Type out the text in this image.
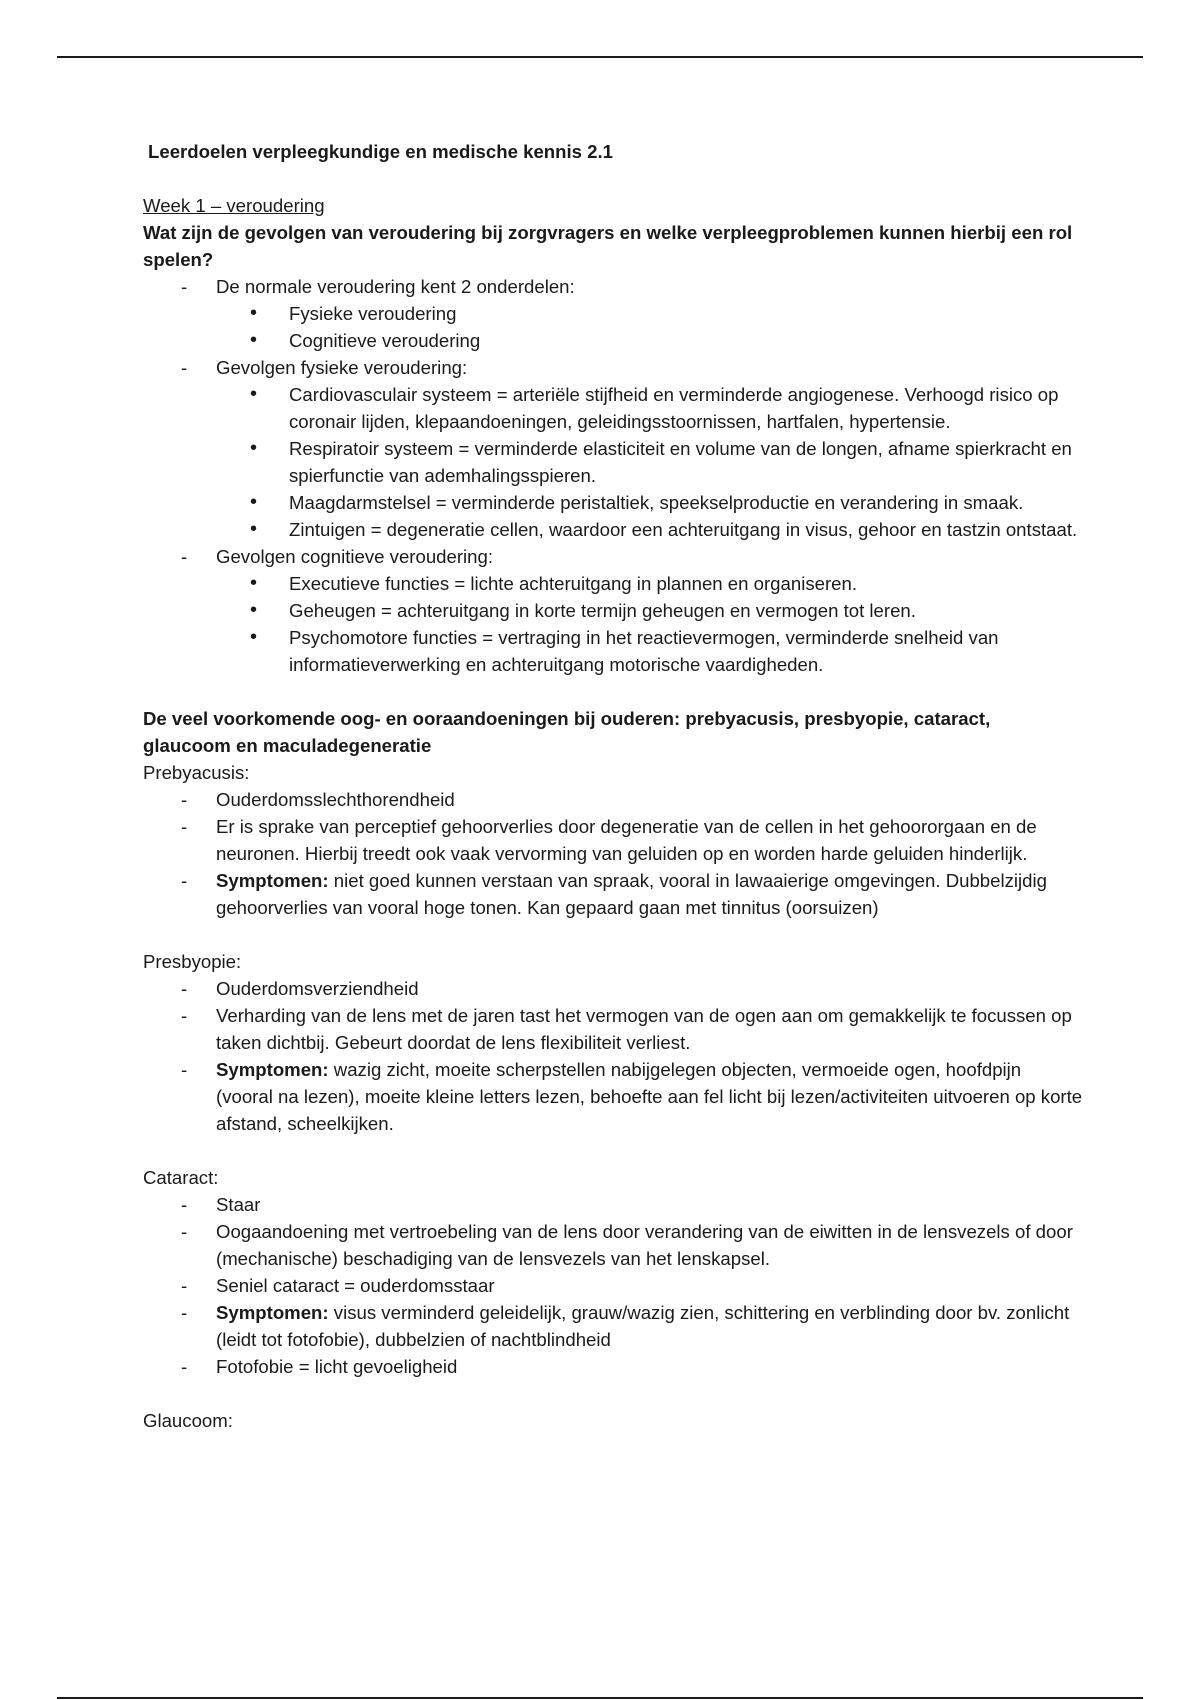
Leerdoelen verpleegkundige en medische kennis 2.1

Week 1 – veroudering

Wat zijn de gevolgen van veroudering bij zorgvragers en welke verpleegproblemen kunnen hierbij een rol spelen?

- De normale veroudering kent 2 onderdelen:
• Fysieke veroudering
• Cognitieve veroudering
- Gevolgen fysieke veroudering:
• Cardiovasculair systeem = arteriële stijfheid en verminderde angiogenese. Verhoogd risico op coronair lijden, klepaandoeningen, geleidingsstoornissen, hartfalen, hypertensie.
• Respiratoir systeem = verminderde elasticiteit en volume van de longen, afname spierkracht en spierfunctie van ademhalingsspieren.
• Maagdarmstelsel = verminderde peristaltiek, speekselproductie en verandering in smaak.
• Zintuigen = degeneratie cellen, waardoor een achteruitgang in visus, gehoor en tastzin ontstaat.
- Gevolgen cognitieve veroudering:
• Executieve functies = lichte achteruitgang in plannen en organiseren.
• Geheugen = achteruitgang in korte termijn geheugen en vermogen tot leren.
• Psychomotore functies = vertraging in het reactievermogen, verminderde snelheid van informatieverwerking en achteruitgang motorische vaardigheden.

De veel voorkomende oog- en ooraandoeningen bij ouderen: prebyacusis, presbyopie, cataract, glaucoom en maculadegeneratie

Prebyacusis:

- Ouderdomsslechthorendheid
- Er is sprake van perceptief gehoorverlies door degeneratie van de cellen in het gehoororgaan en de neuronen. Hierbij treedt ook vaak vervorming van geluiden op en worden harde geluiden hinderlijk.
- Symptomen: niet goed kunnen verstaan van spraak, vooral in lawaaierige omgevingen. Dubbelzijdig gehoorverlies van vooral hoge tonen. Kan gepaard gaan met tinnitus (oorsuizen)

Presbyopie:

- Ouderdomsverziendheid
- Verharding van de lens met de jaren tast het vermogen van de ogen aan om gemakkelijk te focussen op taken dichtbij. Gebeurt doordat de lens flexibiliteit verliest.
- Symptomen: wazig zicht, moeite scherpstellen nabijgelegen objecten, vermoeide ogen, hoofdpijn (vooral na lezen), moeite kleine letters lezen, behoefte aan fel licht bij lezen/activiteiten uitvoeren op korte afstand, scheelkijken.

Cataract:

- Staar
- Oogaandoening met vertroebeling van de lens door verandering van de eiwitten in de lensvezels of door (mechanische) beschadiging van de lensvezels van het lenskapsel.
- Seniel cataract = ouderdomsstaar
- Symptomen: visus verminderd geleidelijk, grauw/wazig zien, schittering en verblinding door bv. zonlicht (leidt tot fotofobie), dubbelzien of nachtblindheid
- Fotofobie = licht gevoeligheid

Glaucoom:
